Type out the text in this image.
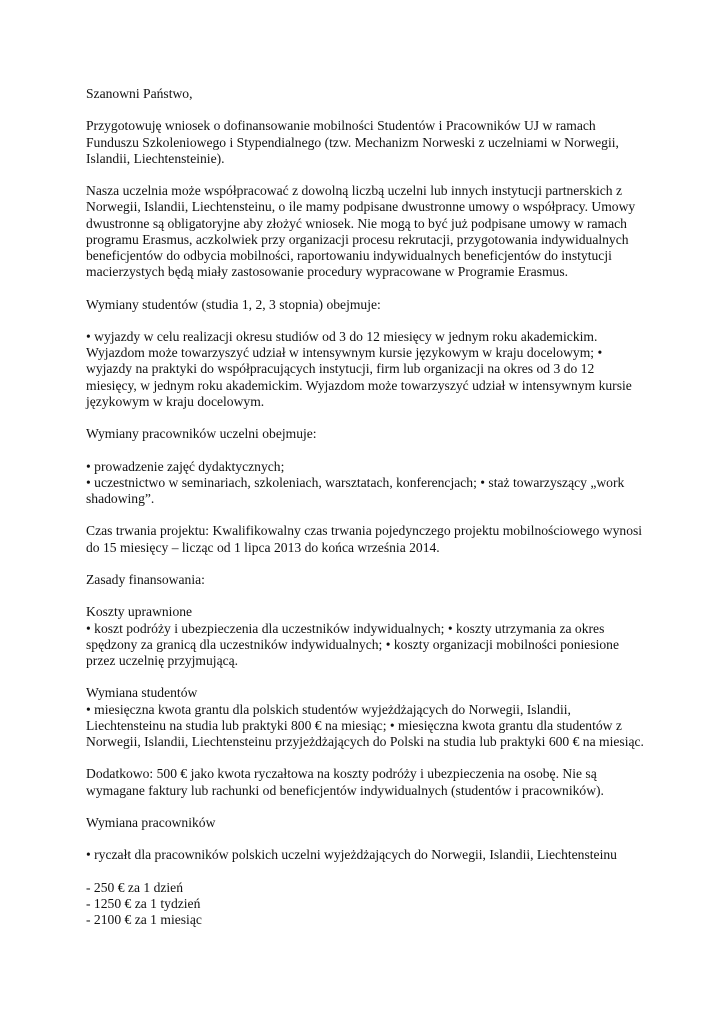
Szanowni Państwo,

Przygotowuję wniosek o dofinansowanie mobilności Studentów i Pracowników UJ w ramach Funduszu Szkoleniowego i Stypendialnego (tzw. Mechanizm Norweski z uczelniami w Norwegii, Islandii, Liechtensteinie).

Nasza uczelnia może współpracować z dowolną liczbą uczelni lub innych instytucji partnerskich z Norwegii, Islandii, Liechtensteinu, o ile mamy podpisane dwustronne umowy o współpracy. Umowy dwustronne są obligatoryjne aby złożyć wniosek. Nie mogą to być już podpisane umowy w ramach programu Erasmus, aczkolwiek przy organizacji procesu rekrutacji, przygotowania indywidualnych beneficjentów do odbycia mobilności, raportowaniu indywidualnych beneficjentów do instytucji macierzystych będą miały zastosowanie procedury wypracowane w Programie Erasmus.

Wymiany studentów (studia 1, 2, 3 stopnia) obejmuje:

• wyjazdy w celu realizacji okresu studiów od 3 do 12 miesięcy w jednym roku akademickim. Wyjazdom może towarzyszyć udział w intensywnym kursie językowym w kraju docelowym; • wyjazdy na praktyki do współpracujących instytucji, firm lub organizacji na okres od 3 do 12 miesięcy, w jednym roku akademickim. Wyjazdom może towarzyszyć udział w intensywnym kursie językowym w kraju docelowym.

Wymiany pracowników uczelni obejmuje:

• prowadzenie zajęć dydaktycznych;

• uczestnictwo w seminariach, szkoleniach, warsztatach, konferencjach; • staż towarzyszący „work shadowing”.

Czas trwania projektu: Kwalifikowalny czas trwania pojedynczego projektu mobilnościowego wynosi do 15 miesięcy – licząc od 1 lipca 2013 do końca września 2014.

Zasady finansowania:

Koszty uprawnione

• koszt podróży i ubezpieczenia dla uczestników indywidualnych; • koszty utrzymania za okres spędzony za granicą dla uczestników indywidualnych; • koszty organizacji mobilności poniesione przez uczelnię przyjmującą.

Wymiana studentów

• miesięczna kwota grantu dla polskich studentów wyjeżdżających do Norwegii, Islandii, Liechtensteinu na studia lub praktyki 800 € na miesiąc; • miesięczna kwota grantu dla studentów z Norwegii, Islandii, Liechtensteinu przyjeżdżających do Polski na studia lub praktyki 600 € na miesiąc.

Dodatkowo: 500 € jako kwota ryczałtowa na koszty podróży i ubezpieczenia na osobę. Nie są wymagane faktury lub rachunki od beneficjentów indywidualnych (studentów i pracowników).

Wymiana pracowników

• ryczałt dla pracowników polskich uczelni wyjeżdżających do Norwegii, Islandii, Liechtensteinu

- 250 € za 1 dzień

- 1250 € za 1 tydzień

- 2100 € za 1 miesiąc
